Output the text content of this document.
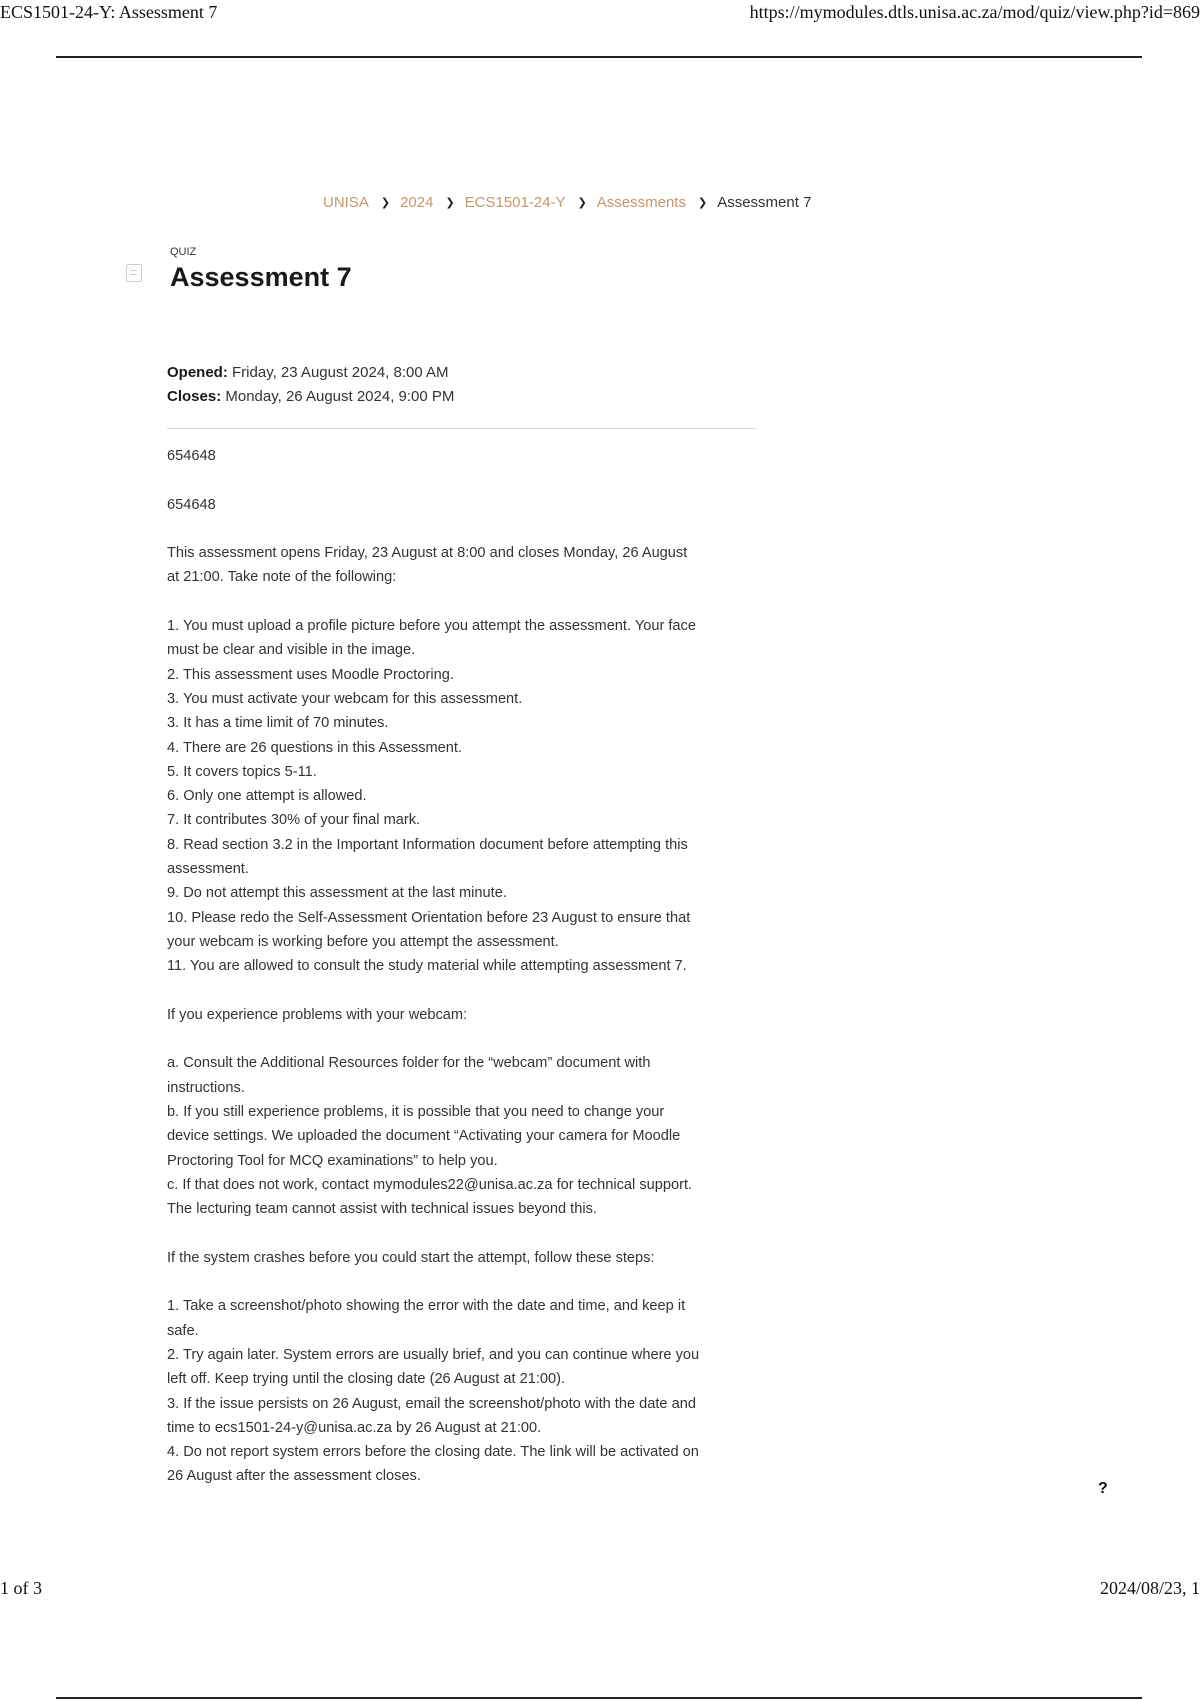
ECS1501-24-Y: Assessment 7	https://mymodules.dtls.unisa.ac.za/mod/quiz/view.php?id=869
UNISA ❯ 2024 ❯ ECS1501-24-Y ❯ Assessments ❯ Assessment 7
QUIZ
Assessment 7
Opened: Friday, 23 August 2024, 8:00 AM
Closes: Monday, 26 August 2024, 9:00 PM

654648

654648

This assessment opens Friday, 23 August at 8:00 and closes Monday, 26 August

at 21:00. Take note of the following:

1. You must upload a profile picture before you attempt the assessment. Your face

must be clear and visible in the image.

2. This assessment uses Moodle Proctoring.

3. You must activate your webcam for this assessment.

3. It has a time limit of 70 minutes.

4. There are 26 questions in this Assessment.

5. It covers topics 5-11.

6. Only one attempt is allowed.

7. It contributes 30% of your final mark.

8. Read section 3.2 in the Important Information document before attempting this

assessment.

9. Do not attempt this assessment at the last minute.

10. Please redo the Self-Assessment Orientation before 23 August to ensure that

your webcam is working before you attempt the assessment.

11. You are allowed to consult the study material while attempting assessment 7.

If you experience problems with your webcam:

a. Consult the Additional Resources folder for the “webcam” document with

instructions.

b. If you still experience problems, it is possible that you need to change your

device settings. We uploaded the document “Activating your camera for Moodle

Proctoring Tool for MCQ examinations” to help you.

c. If that does not work, contact mymodules22@unisa.ac.za for technical support.

The lecturing team cannot assist with technical issues beyond this.

If the system crashes before you could start the attempt, follow these steps:

1. Take a screenshot/photo showing the error with the date and time, and keep it

safe.

2. Try again later. System errors are usually brief, and you can continue where you

left off. Keep trying until the closing date (26 August at 21:00).

3. If the issue persists on 26 August, email the screenshot/photo with the date and

time to ecs1501-24-y@unisa.ac.za by 26 August at 21:00.

4. Do not report system errors before the closing date. The link will be activated on

26 August after the assessment closes.

?
1 of 3	2024/08/23, 1
